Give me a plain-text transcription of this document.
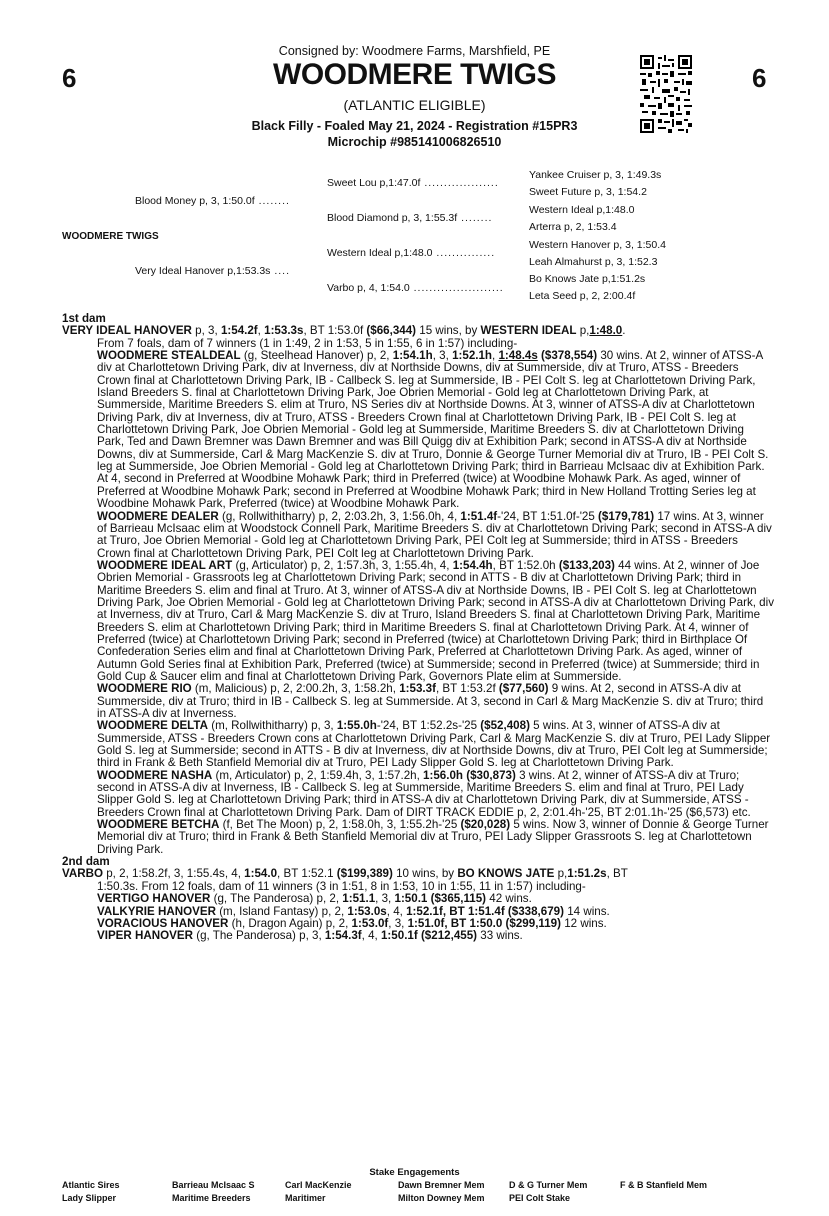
6	6
Consigned by: Woodmere Farms, Marshfield, PE
WOODMERE TWIGS
(ATLANTIC ELIGIBLE)
Black Filly - Foaled May 21, 2024 - Registration #15PR3
Microchip #985141006826510
Blood Money p, 3, 1:50.0f ........
WOODMERE TWIGS
Very Ideal Hanover p,1:53.3s ....
Sweet Lou p,1:47.0f ...................
Blood Diamond p, 3, 1:55.3f ........
Western Ideal p,1:48.0 ...............
Varbo p, 4, 1:54.0 .......................
Yankee Cruiser p, 3, 1:49.3s
Sweet Future p, 3, 1:54.2
Western Ideal p,1:48.0
Arterra p, 2, 1:53.4
Western Hanover p, 3, 1:50.4
Leah Almahurst p, 3, 1:52.3
Bo Knows Jate p,1:51.2s
Leta Seed p, 2, 2:00.4f

1st dam

VERY IDEAL HANOVER p, 3, 1:54.2f, 1:53.3s, BT 1:53.0f ($66,344) 15 wins, by WESTERN IDEAL p,1:48.0.

From 7 foals, dam of 7 winners (1 in 1:49, 2 in 1:53, 5 in 1:55, 6 in 1:57) including-

WOODMERE STEALDEAL (g, Steelhead Hanover) p, 2, 1:54.1h, 3, 1:52.1h, 1:48.4s ($378,554) 30 wins. At 2, winner of ATSS-A div at Charlottetown Driving Park, div at Inverness, div at Northside Downs, div at Summerside, div at Truro, ATSS - Breeders Crown final at Charlottetown Driving Park, IB - Callbeck S. leg at Summerside, IB - PEI Colt S. leg at Charlottetown Driving Park, Island Breeders S. final at Charlottetown Driving Park, Joe Obrien Memorial - Gold leg at Charlottetown Driving Park, at Summerside, Maritime Breeders S. elim at Truro, NS Series div at Northside Downs. At 3, winner of ATSS-A div at Charlottetown Driving Park, div at Inverness, div at Truro, ATSS - Breeders Crown final at Charlottetown Driving Park, IB - PEI Colt S. leg at Charlottetown Driving Park, Joe Obrien Memorial - Gold leg at Summerside, Maritime Breeders S. div at Charlottetown Driving Park, Ted and Dawn Bremner was Dawn Bremner and was Bill Quigg div at Exhibition Park; second in ATSS-A div at Northside Downs, div at Summerside, Carl & Marg MacKenzie S. div at Truro, Donnie & George Turner Memorial div at Truro, IB - PEI Colt S. leg at Summerside, Joe Obrien Memorial - Gold leg at Charlottetown Driving Park; third in Barrieau McIsaac div at Exhibition Park. At 4, second in Preferred at Woodbine Mohawk Park; third in Preferred (twice) at Woodbine Mohawk Park. As aged, winner of Preferred at Woodbine Mohawk Park; second in Preferred at Woodbine Mohawk Park; third in New Holland Trotting Series leg at Woodbine Mohawk Park, Preferred (twice) at Woodbine Mohawk Park.

WOODMERE DEALER (g, Rollwithitharry) p, 2, 2:03.2h, 3, 1:56.0h, 4, 1:51.4f-'24, BT 1:51.0f-'25 ($179,781) 17 wins. At 3, winner of Barrieau McIsaac elim at Woodstock Connell Park, Maritime Breeders S. div at Charlottetown Driving Park; second in ATSS-A div at Truro, Joe Obrien Memorial - Gold leg at Charlottetown Driving Park, PEI Colt leg at Summerside; third in ATSS - Breeders Crown final at Charlottetown Driving Park, PEI Colt leg at Charlottetown Driving Park.

WOODMERE IDEAL ART (g, Articulator) p, 2, 1:57.3h, 3, 1:55.4h, 4, 1:54.4h, BT 1:52.0h ($133,203) 44 wins. At 2, winner of Joe Obrien Memorial - Grassroots leg at Charlottetown Driving Park; second in ATTS - B div at Charlottetown Driving Park; third in Maritime Breeders S. elim and final at Truro. At 3, winner of ATSS-A div at Northside Downs, IB - PEI Colt S. leg at Charlottetown Driving Park, Joe Obrien Memorial - Gold leg at Charlottetown Driving Park; second in ATSS-A div at Charlottetown Driving Park, div at Inverness, div at Truro, Carl & Marg MacKenzie S. div at Truro, Island Breeders S. final at Charlottetown Driving Park, Maritime Breeders S. elim at Charlottetown Driving Park; third in Maritime Breeders S. final at Charlottetown Driving Park. At 4, winner of Preferred (twice) at Charlottetown Driving Park; second in Preferred (twice) at Charlottetown Driving Park; third in Birthplace Of Confederation Series elim and final at Charlottetown Driving Park, Preferred at Charlottetown Driving Park. As aged, winner of Autumn Gold Series final at Exhibition Park, Preferred (twice) at Summerside; second in Preferred (twice) at Summerside; third in Gold Cup & Saucer elim and final at Charlottetown Driving Park, Governors Plate elim at Summerside.

WOODMERE RIO (m, Malicious) p, 2, 2:00.2h, 3, 1:58.2h, 1:53.3f, BT 1:53.2f ($77,560) 9 wins. At 2, second in ATSS-A div at Summerside, div at Truro; third in IB - Callbeck S. leg at Summerside. At 3, second in Carl & Marg MacKenzie S. div at Truro; third in ATSS-A div at Inverness.

WOODMERE DELTA (m, Rollwithitharry) p, 3, 1:55.0h-'24, BT 1:52.2s-'25 ($52,408) 5 wins. At 3, winner of ATSS-A div at Summerside, ATSS - Breeders Crown cons at Charlottetown Driving Park, Carl & Marg MacKenzie S. div at Truro, PEI Lady Slipper Gold S. leg at Summerside; second in ATTS - B div at Inverness, div at Northside Downs, div at Truro, PEI Colt leg at Summerside; third in Frank & Beth Stanfield Memorial div at Truro, PEI Lady Slipper Gold S. leg at Charlottetown Driving Park.

WOODMERE NASHA (m, Articulator) p, 2, 1:59.4h, 3, 1:57.2h, 1:56.0h ($30,873) 3 wins. At 2, winner of ATSS-A div at Truro; second in ATSS-A div at Inverness, IB - Callbeck S. leg at Summerside, Maritime Breeders S. elim and final at Truro, PEI Lady Slipper Gold S. leg at Charlottetown Driving Park; third in ATSS-A div at Charlottetown Driving Park, div at Summerside, ATSS - Breeders Crown final at Charlottetown Driving Park. Dam of DIRT TRACK EDDIE p, 2, 2:01.4h-'25, BT 2:01.1h-'25 ($6,573) etc.

WOODMERE BETCHA (f, Bet The Moon) p, 2, 1:58.0h, 3, 1:55.2h-'25 ($20,028) 5 wins. Now 3, winner of Donnie & George Turner Memorial div at Truro; third in Frank & Beth Stanfield Memorial div at Truro, PEI Lady Slipper Grassroots S. leg at Charlottetown Driving Park.

2nd dam

VARBO p, 2, 1:58.2f, 3, 1:55.4s, 4, 1:54.0, BT 1:52.1 ($199,389) 10 wins, by BO KNOWS JATE p,1:51.2s, BT

1:50.3s. From 12 foals, dam of 11 winners (3 in 1:51, 8 in 1:53, 10 in 1:55, 11 in 1:57) including-

VERTIGO HANOVER (g, The Panderosa) p, 2, 1:51.1, 3, 1:50.1 ($365,115) 42 wins.

VALKYRIE HANOVER (m, Island Fantasy) p, 2, 1:53.0s, 4, 1:52.1f, BT 1:51.4f ($338,679) 14 wins.

VORACIOUS HANOVER (h, Dragon Again) p, 2, 1:53.0f, 3, 1:51.0f, BT 1:50.0 ($299,119) 12 wins.

VIPER HANOVER (g, The Panderosa) p, 3, 1:54.3f, 4, 1:50.1f ($212,455) 33 wins.

Stake Engagements
Atlantic Sires	Barrieau McIsaac S	Carl MacKenzie	Dawn Bremner Mem	D & G Turner Mem	F & B Stanfield Mem
Lady Slipper	Maritime Breeders	Maritimer	Milton Downey Mem	PEI Colt Stake
